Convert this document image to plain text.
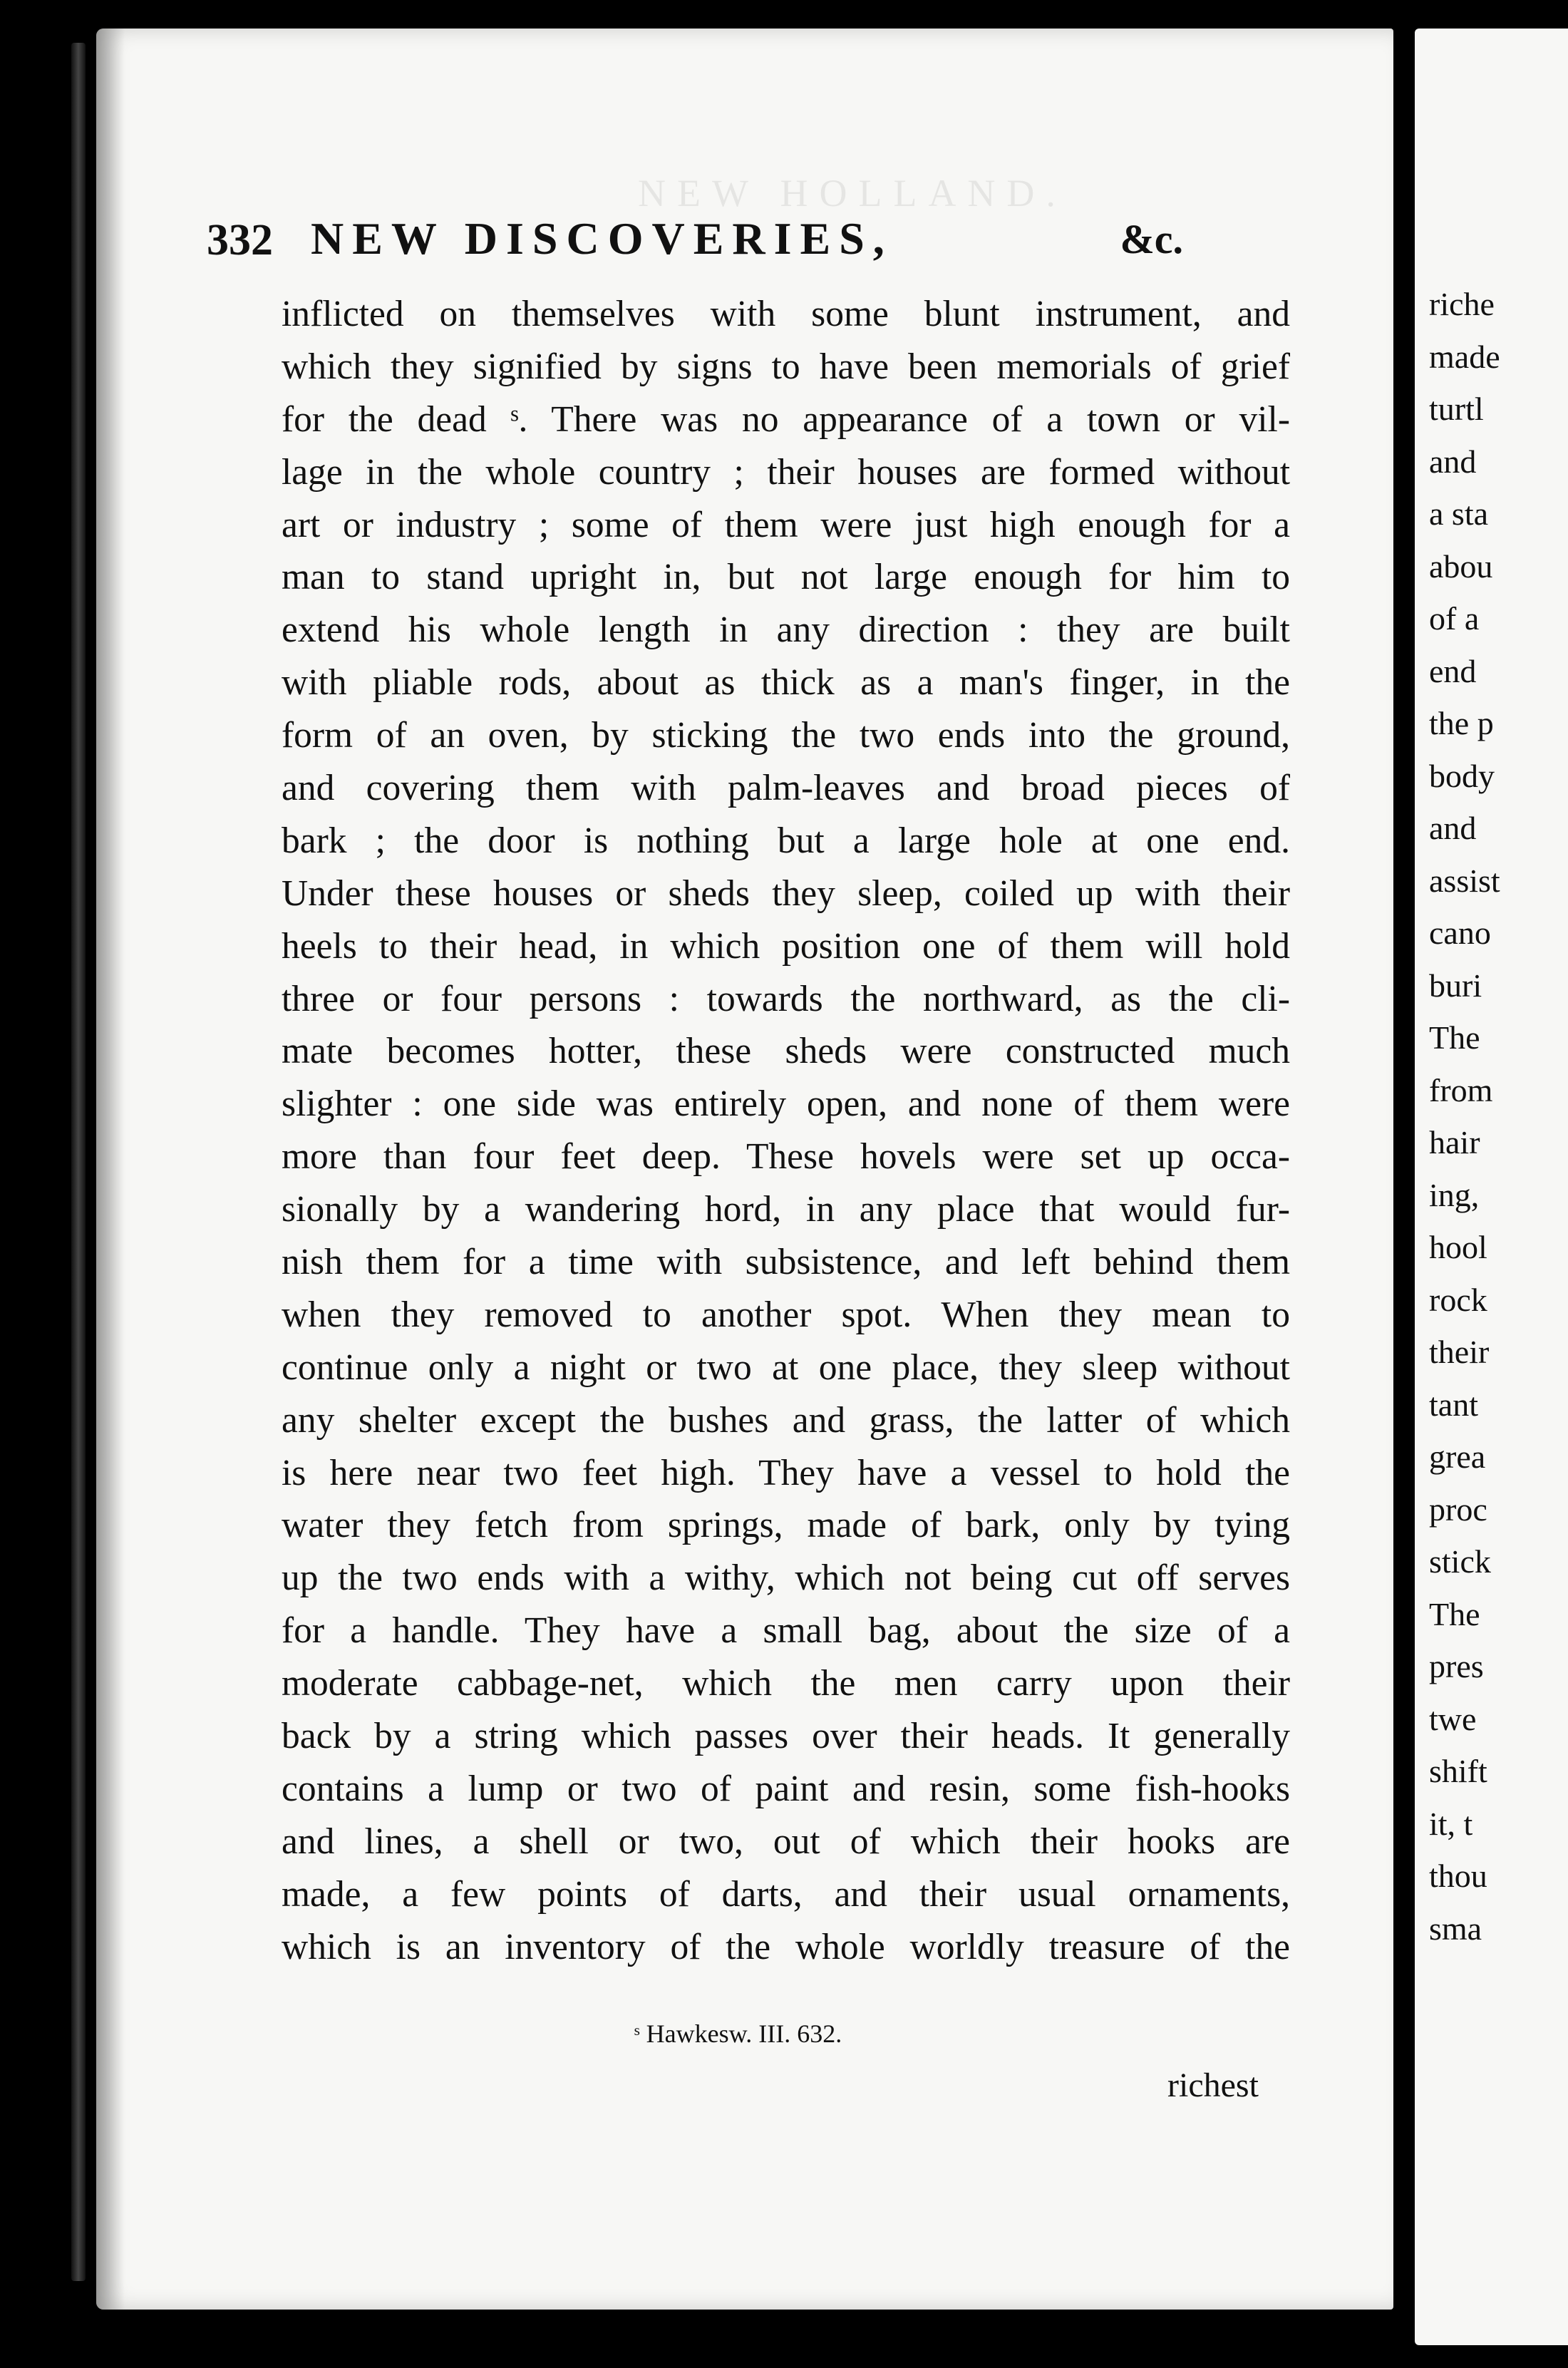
NEW HOLLAND.
332 NEW DISCOVERIES,	&c.
inflicted on themselves with some blunt instrument, and
which they signified by signs to have been memorials of grief
for the dead ˢ. There was no appearance of a town or vil-
lage in the whole country ; their houses are formed without
art or industry ; some of them were just high enough for a
man to stand upright in, but not large enough for him to
extend his whole length in any direction : they are built
with pliable rods, about as thick as a man's finger, in the
form of an oven, by sticking the two ends into the ground,
and covering them with palm-leaves and broad pieces of
bark ; the door is nothing but a large hole at one end.
Under these houses or sheds they sleep, coiled up with their
heels to their head, in which position one of them will hold
three or four persons : towards the northward, as the cli-
mate becomes hotter, these sheds were constructed much
slighter : one side was entirely open, and none of them were
more than four feet deep. These hovels were set up occa-
sionally by a wandering hord, in any place that would fur-
nish them for a time with subsistence, and left behind them
when they removed to another spot. When they mean to
continue only a night or two at one place, they sleep without
any shelter except the bushes and grass, the latter of which
is here near two feet high. They have a vessel to hold the
water they fetch from springs, made of bark, only by tying
up the two ends with a withy, which not being cut off serves
for a handle. They have a small bag, about the size of a
moderate cabbage-net, which the men carry upon their
back by a string which passes over their heads. It generally
contains a lump or two of paint and resin, some fish-hooks
and lines, a shell or two, out of which their hooks are
made, a few points of darts, and their usual ornaments,
which is an inventory of the whole worldly treasure of the
ˢ Hawkesw. III. 632.
richest
riche
made
turtl
and
a sta
abou
of a
end
the p
body
and
assist
cano
buri
The
from
hair
ing,
hool
rock
their
tant
grea
proc
stick
The
pres
twe
shift
it, t
thou
sma
